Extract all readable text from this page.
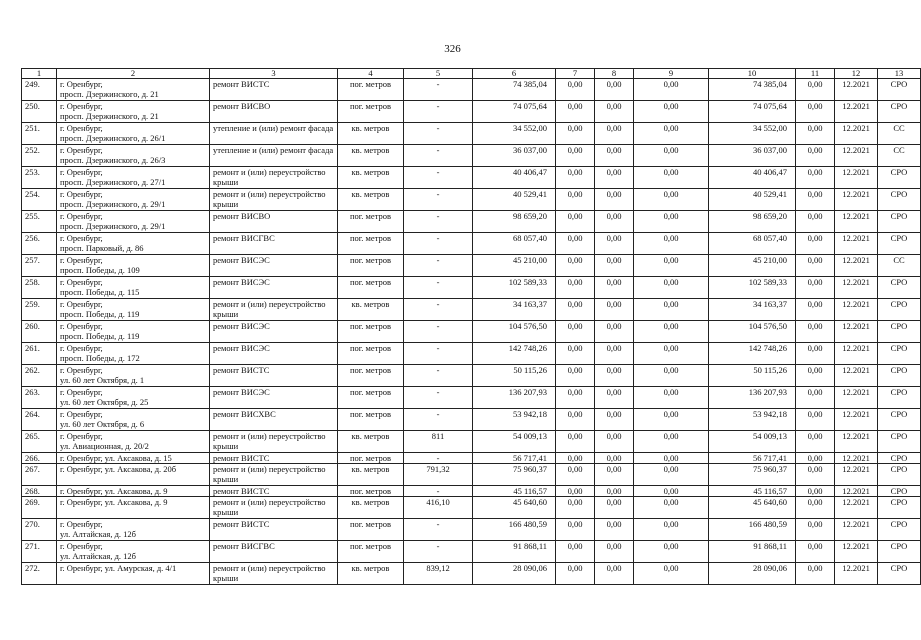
326
1	2	3	4	5	6	7	8	9	10	11	12	13
249.	г. Оренбург,
просп. Дзержинского, д. 21	ремонт ВИСТС	пог. метров	-	74 385,04	0,00	0,00	0,00	74 385,04	0,00	12.2021	СРО
250.	г. Оренбург,
просп. Дзержинского, д. 21	ремонт ВИСВО	пог. метров	-	74 075,64	0,00	0,00	0,00	74 075,64	0,00	12.2021	СРО
251.	г. Оренбург,
просп. Дзержинского, д. 26/1	утепление и (или) ремонт фасада	кв. метров	-	34 552,00	0,00	0,00	0,00	34 552,00	0,00	12.2021	СС
252.	г. Оренбург,
просп. Дзержинского, д. 26/3	утепление и (или) ремонт фасада	кв. метров	-	36 037,00	0,00	0,00	0,00	36 037,00	0,00	12.2021	СС
253.	г. Оренбург,
просп. Дзержинского, д. 27/1	ремонт и (или) переустройство крыши	кв. метров	-	40 406,47	0,00	0,00	0,00	40 406,47	0,00	12.2021	СРО
254.	г. Оренбург,
просп. Дзержинского, д. 29/1	ремонт и (или) переустройство крыши	кв. метров	-	40 529,41	0,00	0,00	0,00	40 529,41	0,00	12.2021	СРО
255.	г. Оренбург,
просп. Дзержинского, д. 29/1	ремонт ВИСВО	пог. метров	-	98 659,20	0,00	0,00	0,00	98 659,20	0,00	12.2021	СРО
256.	г. Оренбург,
просп. Парковый, д. 86	ремонт ВИСГВС	пог. метров	-	68 057,40	0,00	0,00	0,00	68 057,40	0,00	12.2021	СРО
257.	г. Оренбург,
просп. Победы, д. 109	ремонт ВИСЭС	пог. метров	-	45 210,00	0,00	0,00	0,00	45 210,00	0,00	12.2021	СС
258.	г. Оренбург,
просп. Победы, д. 115	ремонт ВИСЭС	пог. метров	-	102 589,33	0,00	0,00	0,00	102 589,33	0,00	12.2021	СРО
259.	г. Оренбург,
просп. Победы, д. 119	ремонт и (или) переустройство крыши	кв. метров	-	34 163,37	0,00	0,00	0,00	34 163,37	0,00	12.2021	СРО
260.	г. Оренбург,
просп. Победы, д. 119	ремонт ВИСЭС	пог. метров	-	104 576,50	0,00	0,00	0,00	104 576,50	0,00	12.2021	СРО
261.	г. Оренбург,
просп. Победы, д. 172	ремонт ВИСЭС	пог. метров	-	142 748,26	0,00	0,00	0,00	142 748,26	0,00	12.2021	СРО
262.	г. Оренбург,
ул. 60 лет Октября, д. 1	ремонт ВИСТС	пог. метров	-	50 115,26	0,00	0,00	0,00	50 115,26	0,00	12.2021	СРО
263.	г. Оренбург,
ул. 60 лет Октября, д. 25	ремонт ВИСЭС	пог. метров	-	136 207,93	0,00	0,00	0,00	136 207,93	0,00	12.2021	СРО
264.	г. Оренбург,
ул. 60 лет Октября, д. 6	ремонт ВИСХВС	пог. метров	-	53 942,18	0,00	0,00	0,00	53 942,18	0,00	12.2021	СРО
265.	г. Оренбург,
ул. Авиационная, д. 20/2	ремонт и (или) переустройство крыши	кв. метров	811	54 009,13	0,00	0,00	0,00	54 009,13	0,00	12.2021	СРО
266.	г. Оренбург, ул. Аксакова, д. 15	ремонт ВИСТС	пог. метров	-	56 717,41	0,00	0,00	0,00	56 717,41	0,00	12.2021	СРО
267.	г. Оренбург, ул. Аксакова, д. 20б	ремонт и (или) переустройство крыши	кв. метров	791,32	75 960,37	0,00	0,00	0,00	75 960,37	0,00	12.2021	СРО
268.	г. Оренбург, ул. Аксакова, д. 9	ремонт ВИСТС	пог. метров	-	45 116,57	0,00	0,00	0,00	45 116,57	0,00	12.2021	СРО
269.	г. Оренбург, ул. Аксакова, д. 9	ремонт и (или) переустройство крыши	кв. метров	416,10	45 640,60	0,00	0,00	0,00	45 640,60	0,00	12.2021	СРО
270.	г. Оренбург,
ул. Алтайская, д. 12б	ремонт ВИСТС	пог. метров	-	166 480,59	0,00	0,00	0,00	166 480,59	0,00	12.2021	СРО
271.	г. Оренбург,
ул. Алтайская, д. 12б	ремонт ВИСГВС	пог. метров	-	91 868,11	0,00	0,00	0,00	91 868,11	0,00	12.2021	СРО
272.	г. Оренбург, ул. Амурская, д. 4/1	ремонт и (или) переустройство крыши	кв. метров	839,12	28 090,06	0,00	0,00	0,00	28 090,06	0,00	12.2021	СРО
